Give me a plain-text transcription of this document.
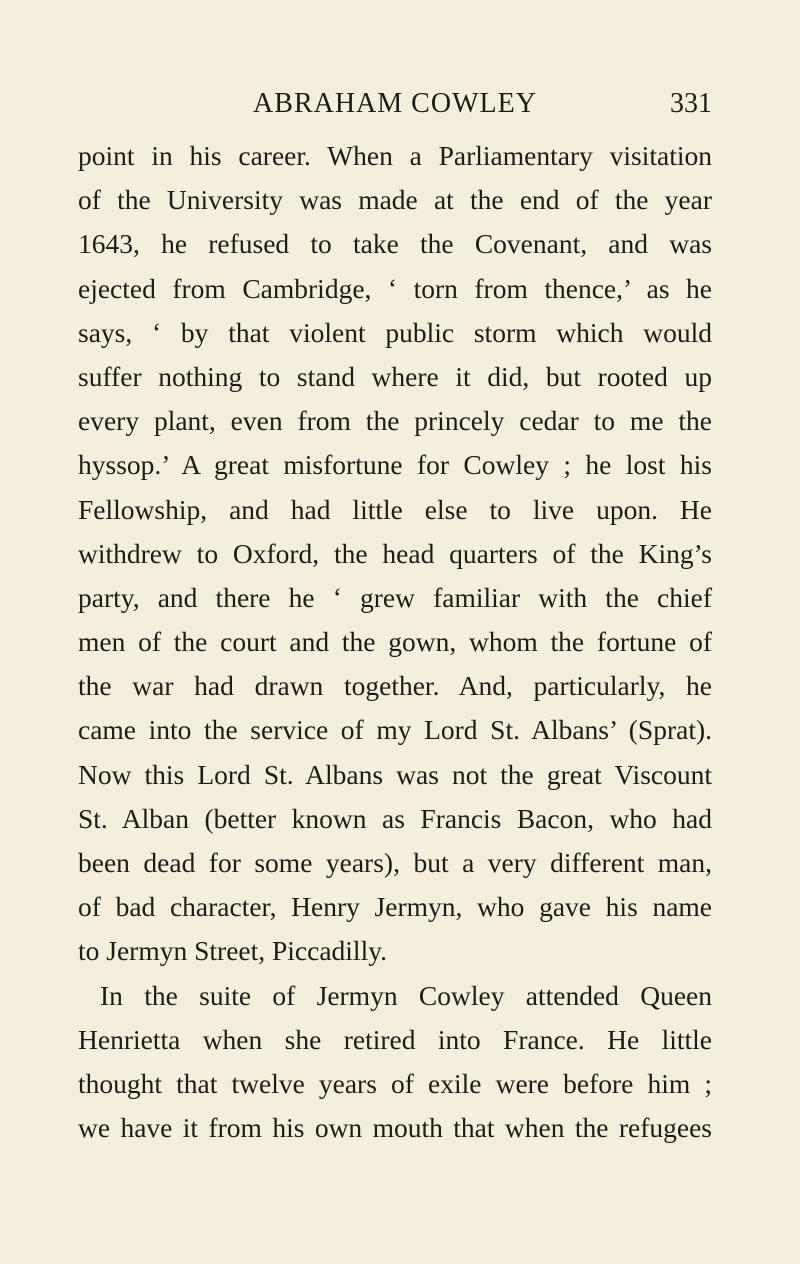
ABRAHAM COWLEY	331
point in his career. When a Parliamentary visitation
of the University was made at the end of the year
1643, he refused to take the Covenant, and was
ejected from Cambridge, ‘ torn from thence,’ as he
says, ‘ by that violent public storm which would
suffer nothing to stand where it did, but rooted up
every plant, even from the princely cedar to me the
hyssop.’ A great misfortune for Cowley ; he lost his
Fellowship, and had little else to live upon. He
withdrew to Oxford, the head quarters of the King’s
party, and there he ‘ grew familiar with the chief
men of the court and the gown, whom the fortune of
the war had drawn together. And, particularly, he
came into the service of my Lord St. Albans’ (Sprat).
Now this Lord St. Albans was not the great Viscount
St. Alban (better known as Francis Bacon, who had
been dead for some years), but a very different man,
of bad character, Henry Jermyn, who gave his name
to Jermyn Street, Piccadilly.
In the suite of Jermyn Cowley attended Queen
Henrietta when she retired into France. He little
thought that twelve years of exile were before him ;
we have it from his own mouth that when the refugees
